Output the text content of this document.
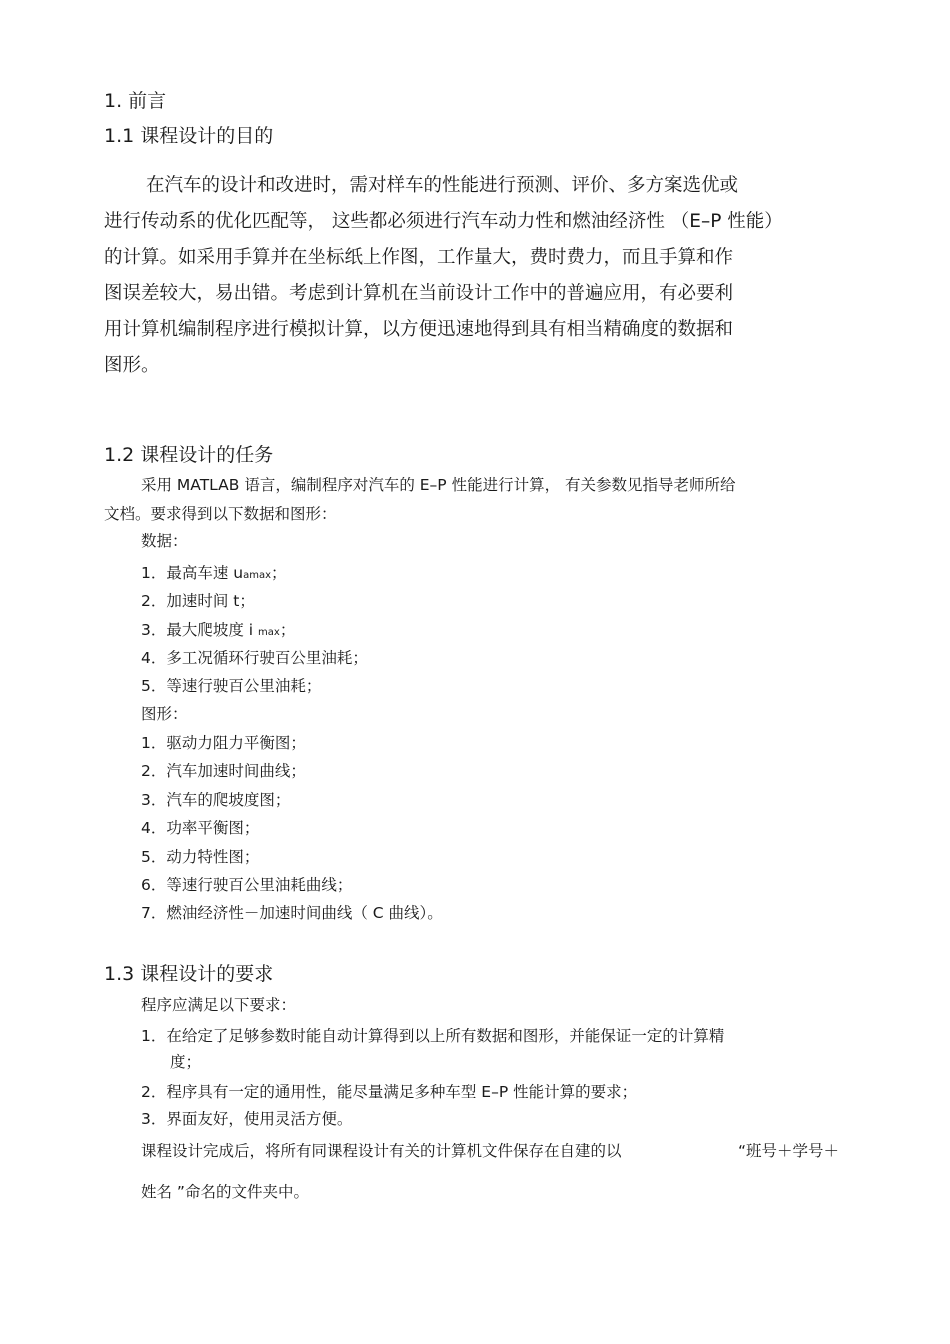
1. 前言
1.1 课程设计的目的
在汽车的设计和改进时，需对样车的性能进行预测、评价、多方案选优或
进行传动系的优化匹配等， 这些都必须进行汽车动力性和燃油经济性 （E–P 性能）
的计算。如采用手算并在坐标纸上作图，工作量大，费时费力，而且手算和作
图误差较大，易出错。考虑到计算机在当前设计工作中的普遍应用，有必要利
用计算机编制程序进行模拟计算，以方便迅速地得到具有相当精确度的数据和
图形。
1.2 课程设计的任务
采用 MATLAB 语言，编制程序对汽车的 E–P 性能进行计算， 有关参数见指导老师所给
文档。要求得到以下数据和图形：
数据：
1．最高车速 uamax；
2．加速时间 t；
3．最大爬坡度 i max；
4．多工况循环行驶百公里油耗；
5．等速行驶百公里油耗；
图形：
1．驱动力阻力平衡图；
2．汽车加速时间曲线；
3．汽车的爬坡度图；
4．功率平衡图；
5．动力特性图；
6．等速行驶百公里油耗曲线；
7．燃油经济性－加速时间曲线（ C 曲线）。
1.3 课程设计的要求
程序应满足以下要求：
1．在给定了足够参数时能自动计算得到以上所有数据和图形，并能保证一定的计算精
度；
2．程序具有一定的通用性，能尽量满足多种车型 E–P 性能计算的要求；
3．界面友好，使用灵活方便。
课程设计完成后，将所有同课程设计有关的计算机文件保存在自建的以	“班号＋学号＋
姓名 ”命名的文件夹中。
